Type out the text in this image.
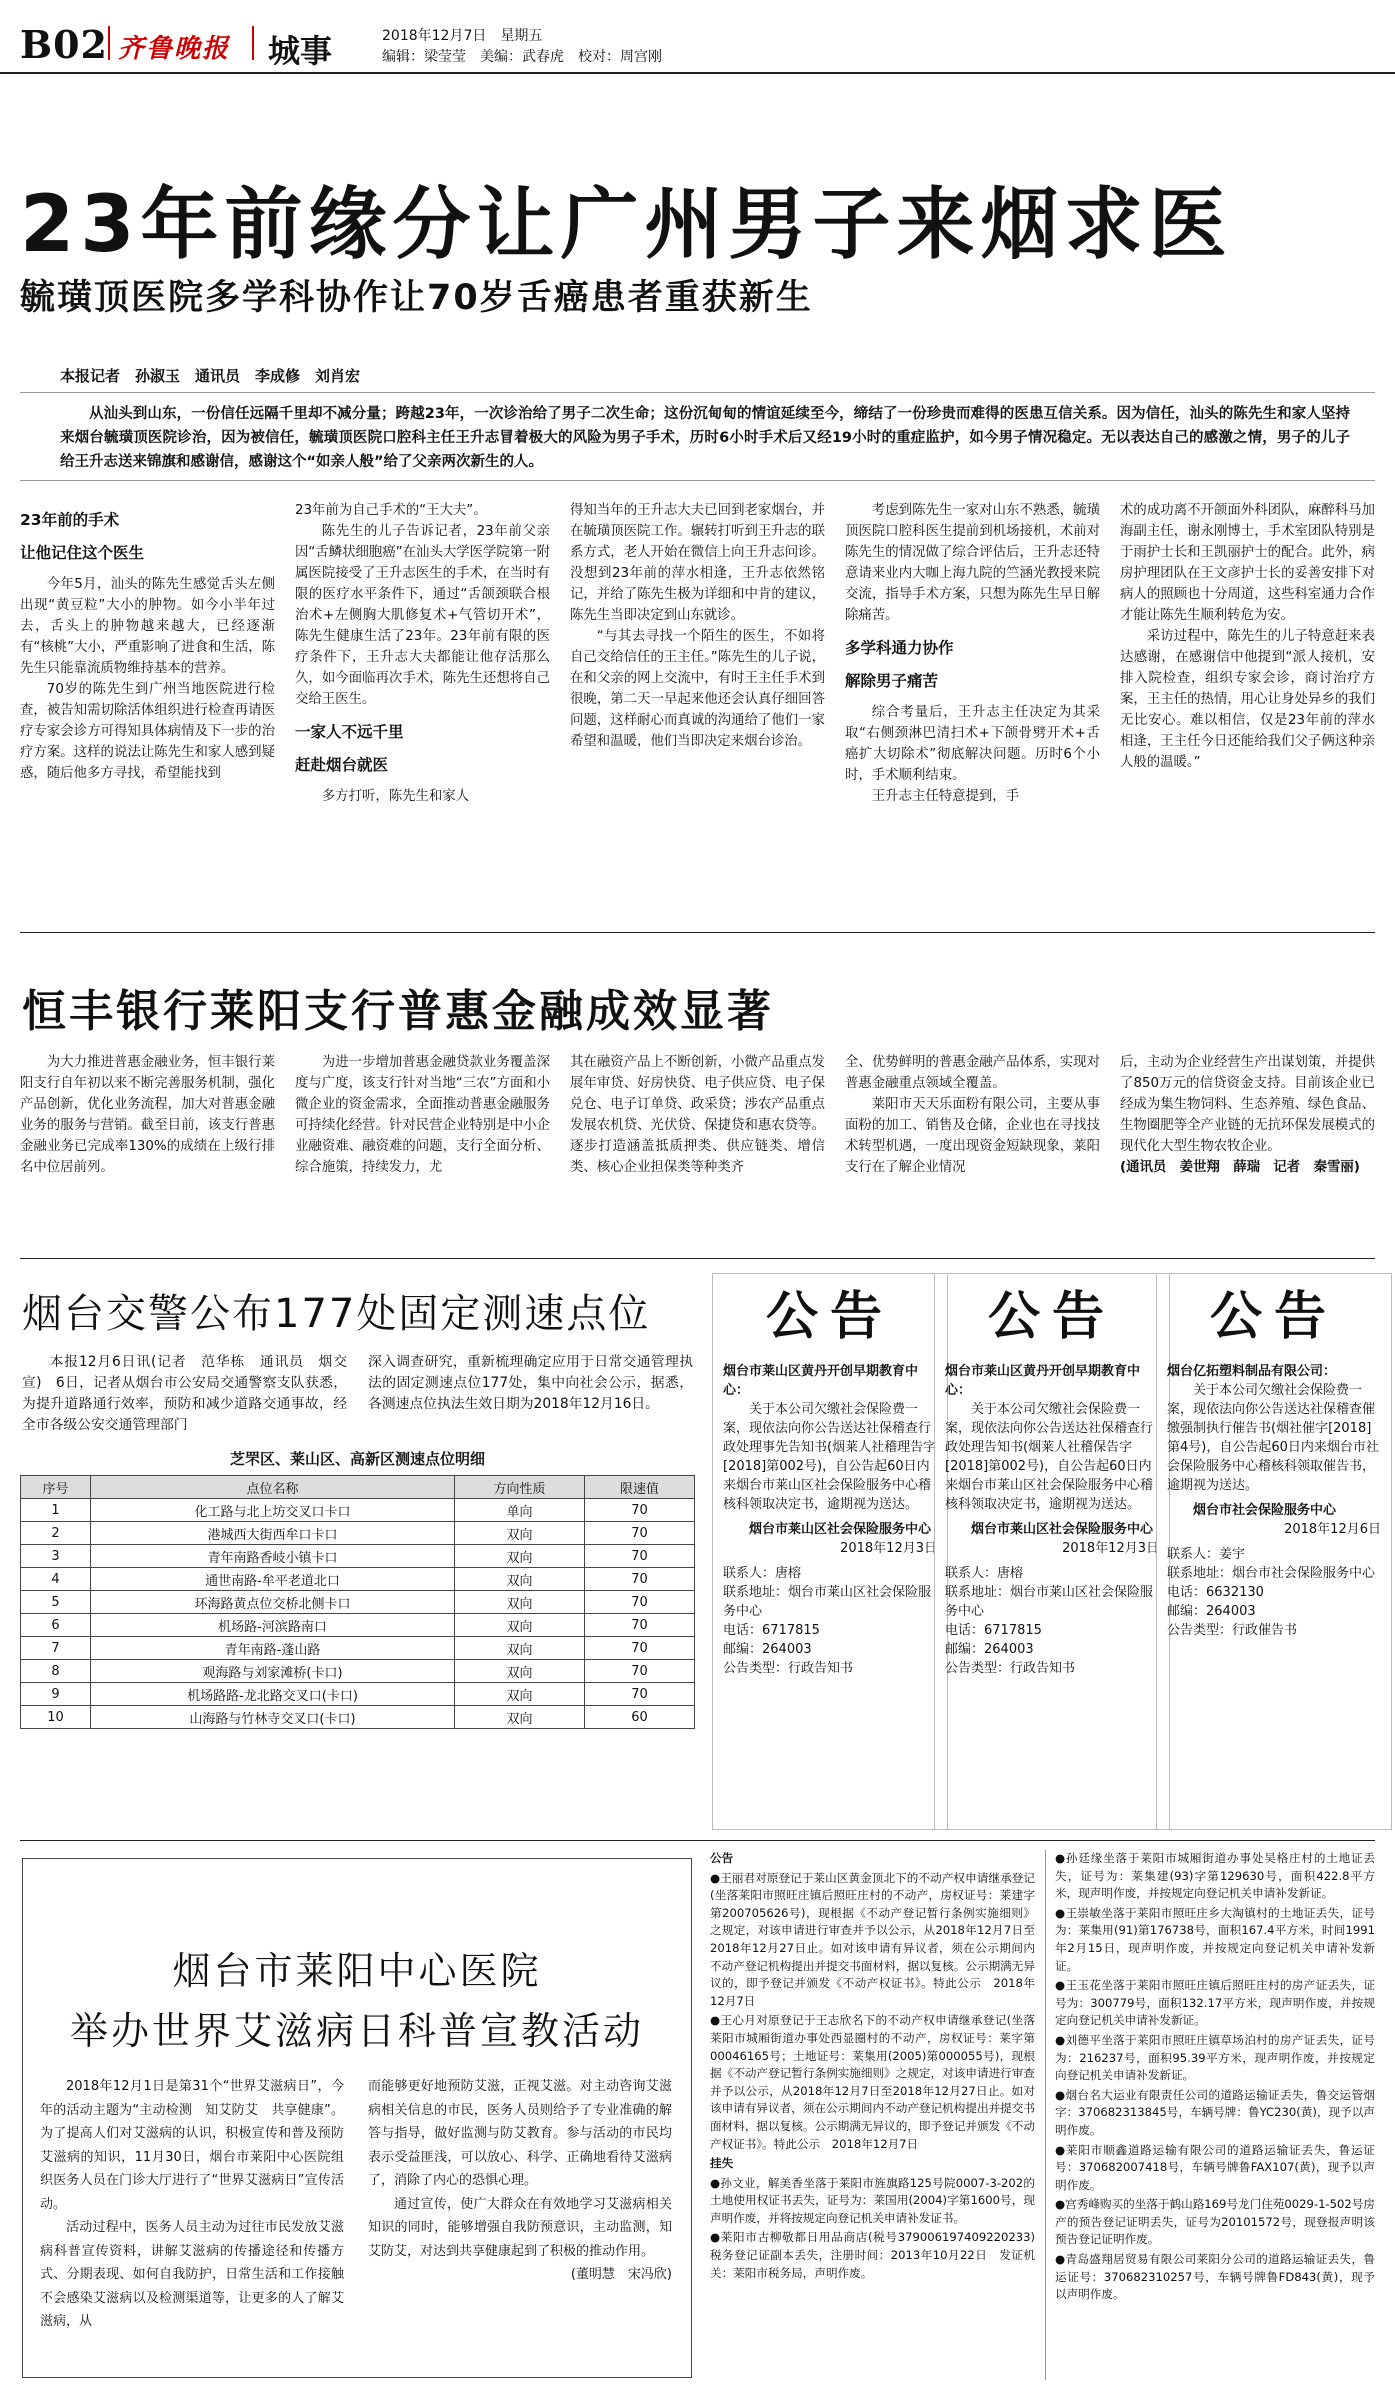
B02 齐鲁晚报 城事	2018年12月7日　星期五
编辑：梁莹莹　美编：武春虎　校对：周宫刚
23年前缘分让广州男子来烟求医
毓璜顶医院多学科协作让70岁舌癌患者重获新生
本报记者　孙淑玉　通讯员　李成修　刘肖宏
从汕头到山东，一份信任远隔千里却不减分量；跨越23年，一次诊治给了男子二次生命；这份沉甸甸的情谊延续至今，缔结了一份珍贵而难得的医患互信关系。因为信任，汕头的陈先生和家人坚持来烟台毓璜顶医院诊治，因为被信任，毓璜顶医院口腔科主任王升志冒着极大的风险为男子手术，历时6小时手术后又经19小时的重症监护，如今男子情况稳定。无以表达自己的感激之情，男子的儿子给王升志送来锦旗和感谢信，感谢这个“如亲人般”给了父亲两次新生的人。
23年前的手术
让他记住这个医生

今年5月，汕头的陈先生感觉舌头左侧出现“黄豆粒”大小的肿物。如今小半年过去，舌头上的肿物越来越大，已经逐渐有“核桃”大小，严重影响了进食和生活，陈先生只能靠流质物维持基本的营养。

70岁的陈先生到广州当地医院进行检查，被告知需切除活体组织进行检查再请医疗专家会诊方可得知具体病情及下一步的治疗方案。这样的说法让陈先生和家人感到疑惑，随后他多方寻找，希望能找到

23年前为自己手术的“王大夫”。

陈先生的儿子告诉记者，23年前父亲因“舌鳞状细胞癌”在汕头大学医学院第一附属医院接受了王升志医生的手术，在当时有限的医疗水平条件下，通过“舌颌颈联合根治术+左侧胸大肌修复术+气管切开术”，陈先生健康生活了23年。23年前有限的医疗条件下，王升志大夫都能让他存活那么久，如今面临再次手术，陈先生还想将自己交给王医生。

一家人不远千里
赶赴烟台就医

多方打听，陈先生和家人

得知当年的王升志大夫已回到老家烟台，并在毓璜顶医院工作。辗转打听到王升志的联系方式，老人开始在微信上向王升志问诊。没想到23年前的萍水相逢，王升志依然铭记，并给了陈先生极为详细和中肯的建议，陈先生当即决定到山东就诊。

“与其去寻找一个陌生的医生，不如将自己交给信任的王主任。”陈先生的儿子说，在和父亲的网上交流中，有时王主任手术到很晚，第二天一早起来他还会认真仔细回答问题，这样耐心而真诚的沟通给了他们一家希望和温暖，他们当即决定来烟台诊治。

考虑到陈先生一家对山东不熟悉，毓璜顶医院口腔科医生提前到机场接机，术前对陈先生的情况做了综合评估后，王升志还特意请来业内大咖上海九院的竺涵光教授来院交流，指导手术方案，只想为陈先生早日解除痛苦。

多学科通力协作
解除男子痛苦

综合考量后，王升志主任决定为其采取“右侧颈淋巴清扫术+下颌骨劈开术+舌癌扩大切除术”彻底解决问题。历时6个小时，手术顺利结束。

王升志主任特意提到，手

术的成功离不开颌面外科团队，麻醉科马加海副主任，谢永刚博士，手术室团队特别是于雨护士长和王凯丽护士的配合。此外，病房护理团队在王文彦护士长的妥善安排下对病人的照顾也十分周道，这些科室通力合作才能让陈先生顺利转危为安。

采访过程中，陈先生的儿子特意赶来表达感谢，在感谢信中他提到“派人接机，安排入院检查，组织专家会诊，商讨治疗方案，王主任的热情，用心让身处异乡的我们无比安心。难以相信，仅是23年前的萍水相逢，王主任今日还能给我们父子俩这种亲人般的温暖。”

恒丰银行莱阳支行普惠金融成效显著

为大力推进普惠金融业务，恒丰银行莱阳支行自年初以来不断完善服务机制，强化产品创新，优化业务流程，加大对普惠金融业务的服务与营销。截至目前，该支行普惠金融业务已完成率130%的成绩在上级行排名中位居前列。

为进一步增加普惠金融贷款业务覆盖深度与广度，该支行针对当地“三农”方面和小微企业的资金需求，全面推动普惠金融服务可持续化经营。针对民营企业特别是中小企业融资难、融资难的问题，支行全面分析、综合施策，持续发力，尤

其在融资产品上不断创新，小微产品重点发展年审贷、好房快贷、电子供应贷、电子保兑仓、电子订单贷、政采贷；涉农产品重点发展农机贷、光伏贷、保捷贷和惠农贷等。逐步打造涵盖抵质押类、供应链类、增信类、核心企业担保类等种类齐

全、优势鲜明的普惠金融产品体系，实现对普惠金融重点领域全覆盖。

莱阳市天天乐面粉有限公司，主要从事面粉的加工、销售及仓储，企业也在寻找技术转型机遇，一度出现资金短缺现象，莱阳支行在了解企业情况

后，主动为企业经营生产出谋划策，并提供了850万元的信贷资金支持。目前该企业已经成为集生物饲料、生态养殖、绿色食品、生物圈肥等全产业链的无抗环保发展模式的现代化大型生物农牧企业。

(通讯员　姜世翔　薛瑞　记者　秦雪丽)

烟台交警公布177处固定测速点位
本报12月6日讯(记者　范华栋　通讯员　烟交宣)　6日，记者从烟台市公安局交通警察支队获悉，为提升道路通行效率，预防和减少道路交通事故，经全市各级公安交通管理部门
深入调查研究，重新梳理确定应用于日常交通管理执法的固定测速点位177处，集中向社会公示，据悉，各测速点位执法生效日期为2018年12月16日。
芝罘区、莱山区、高新区测速点位明细
序号	点位名称	方向性质	限速值
1	化工路与北上坊交叉口卡口	单向	70
2	港城西大街西牟口卡口	双向	70
3	青年南路香岐小镇卡口	双向	70
4	通世南路-牟平老道北口	双向	70
5	环海路黄点位交桥北侧卡口	双向	70
6	机场路-河滨路南口	双向	70
7	青年南路-蓬山路	双向	70
8	观海路与刘家滩桥(卡口)	双向	70
9	机场路路-龙北路交叉口(卡口)	双向	70
10	山海路与竹林寺交叉口(卡口)	双向	60
公告
烟台市莱山区黄丹开创早期教育中心：

关于本公司欠缴社会保险费一案，现依法向你公告送达社保稽查行政处理事先告知书(烟莱人社稽理告字[2018]第002号)，自公告起60日内来烟台市莱山区社会保险服务中心稽核科领取决定书，逾期视为送达。

烟台市莱山区社会保险服务中心
2018年12月3日
联系人：唐榕
联系地址：烟台市莱山区社会保险服务中心
电话：6717815
邮编：264003
公告类型：行政告知书
公告
烟台市莱山区黄丹开创早期教育中心：

关于本公司欠缴社会保险费一案，现依法向你公告送达社保稽查行政处理告知书(烟莱人社稽保告字[2018]第002号)，自公告起60日内来烟台市莱山区社会保险服务中心稽核科领取决定书，逾期视为送达。

烟台市莱山区社会保险服务中心
2018年12月3日
联系人：唐榕
联系地址：烟台市莱山区社会保险服务中心
电话：6717815
邮编：264003
公告类型：行政告知书
公告
烟台亿拓塑料制品有限公司：

关于本公司欠缴社会保险费一案，现依法向你公告送达社保稽查催缴强制执行催告书(烟社催字[2018]第4号)，自公告起60日内来烟台市社会保险服务中心稽核科领取催告书，逾期视为送达。

烟台市社会保险服务中心
2018年12月6日
联系人：姜宇
联系地址：烟台市社会保险服务中心
电话：6632130
邮编：264003
公告类型：行政催告书
烟台市莱阳中心医院
举办世界艾滋病日科普宣教活动

2018年12月1日是第31个“世界艾滋病日”，今年的活动主题为“主动检测　知艾防艾　共享健康”。为了提高人们对艾滋病的认识，积极宣传和普及预防艾滋病的知识，11月30日，烟台市莱阳中心医院组织医务人员在门诊大厅进行了“世界艾滋病日”宣传活动。

活动过程中，医务人员主动为过往市民发放艾滋病科普宣传资料，讲解艾滋病的传播途径和传播方式、分期表现、如何自我防护，日常生活和工作接触不会感染艾滋病以及检测渠道等，让更多的人了解艾滋病，从

而能够更好地预防艾滋，正视艾滋。对主动咨询艾滋病相关信息的市民，医务人员则给予了专业准确的解答与指导，做好监测与防艾教育。参与活动的市民均表示受益匪浅，可以放心、科学、正确地看待艾滋病了，消除了内心的恐惧心理。

通过宣传，使广大群众在有效地学习艾滋病相关知识的同时，能够增强自我防预意识，主动监测，知艾防艾，对达到共享健康起到了积极的推动作用。

(董明慧　宋冯欣)

公告
●王丽君对原登记于莱山区黄金顶北下的不动产权申请继承登记(坐落莱阳市照旺庄镇后照旺庄村的不动产，房权证号：莱建字第200705626号)，现根据《不动产登记暂行条例实施细则》之规定，对该申请进行审查并予以公示，从2018年12月7日至2018年12月27日止。如对该申请有异议者，须在公示期间内不动产登记机构提出并提交书面材料，据以复核。公示期满无异议的，即予登记并颁发《不动产权证书》。特此公示　2018年12月7日
●王心月对原登记于王志欣名下的不动产权申请继承登记(坐落莱阳市城厢街道办事处西显圈村的不动产，房权证号：莱字第00046165号；土地证号：莱集用(2005)第000055号)，现根据《不动产登记暂行条例实施细则》之规定，对该申请进行审查并予以公示，从2018年12月7日至2018年12月27日止。如对该申请有异议者，须在公示期间内不动产登记机构提出并提交书面材料，据以复核。公示期满无异议的，即予登记并颁发《不动产权证书》。特此公示　2018年12月7日
挂失
●孙文业，解美香坐落于莱阳市旌旗路125号院0007-3-202的土地使用权证书丢失，证号为：莱国用(2004)字第1600号，现声明作废，并将按规定向登记机关申请补发证书。
●莱阳市古柳敬都日用品商店(税号379006197409220233)税务登记证副本丢失，注册时间：2013年10月22日　发证机关：莱阳市税务局，声明作废。
●孙廷缘坐落于莱阳市城厢街道办事处吴格庄村的土地证丢失，证号为：莱集建(93)字第129630号，面积422.8平方米，现声明作废，并按规定向登记机关申请补发新证。
●王崇敏坐落于莱阳市照旺庄乡大淘镇村的土地证丢失，证号为：莱集用(91)第176738号，面积167.4平方米，时间1991年2月15日，现声明作废，并按规定向登记机关申请补发新证。
●王玉花坐落于莱阳市照旺庄镇后照旺庄村的房产证丢失，证号为：300779号，面积132.17平方米，现声明作废，并按规定向登记机关申请补发新证。
●刘德平坐落于莱阳市照旺庄镇草场泊村的房产证丢失，证号为：216237号，面积95.39平方米，现声明作废，并按规定向登记机关申请补发新证。
●烟台名大运业有限责任公司的道路运输证丢失，鲁交运管烟字：370682313845号，车辆号牌：鲁YC230(黄)，现予以声明作废。
●莱阳市顺鑫道路运输有限公司的道路运输证丢失，鲁运证号：370682007418号，车辆号牌鲁FAX107(黄)，现予以声明作废。
●宫秀峰购买的坐落于鹤山路169号龙门住苑0029-1-502号房产的预告登记证明丢失，证号为20101572号，现登报声明该预告登记证明作废。
●青岛盛翔居贸易有限公司莱阳分公司的道路运输证丢失，鲁运证号：370682310257号，车辆号牌鲁FD843(黄)，现予以声明作废。
